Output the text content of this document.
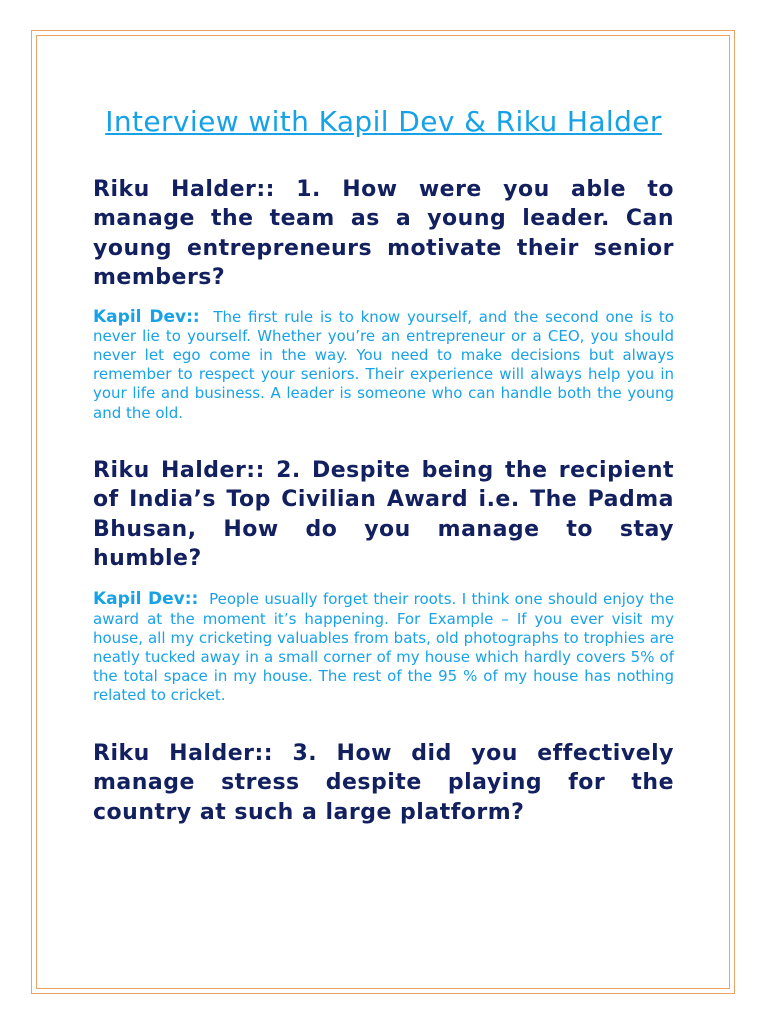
Interview with Kapil Dev & Riku Halder

Riku Halder:: 1. How were you able to manage the team as a young leader. Can young entrepreneurs motivate their senior members?

Kapil Dev:: The first rule is to know yourself, and the second one is to never lie to yourself. Whether you’re an entrepreneur or a CEO, you should never let ego come in the way. You need to make decisions but always remember to respect your seniors. Their experience will always help you in your life and business. A leader is someone who can handle both the young and the old.

Riku Halder:: 2. Despite being the recipient of India’s Top Civilian Award i.e. The Padma Bhusan, How do you manage to stay humble?

Kapil Dev:: People usually forget their roots. I think one should enjoy the award at the moment it’s happening. For Example – If you ever visit my house, all my cricketing valuables from bats, old photographs to trophies are neatly tucked away in a small corner of my house which hardly covers 5% of the total space in my house. The rest of the 95 % of my house has nothing related to cricket.

Riku Halder:: 3. How did you effectively manage stress despite playing for the country at such a large platform?
